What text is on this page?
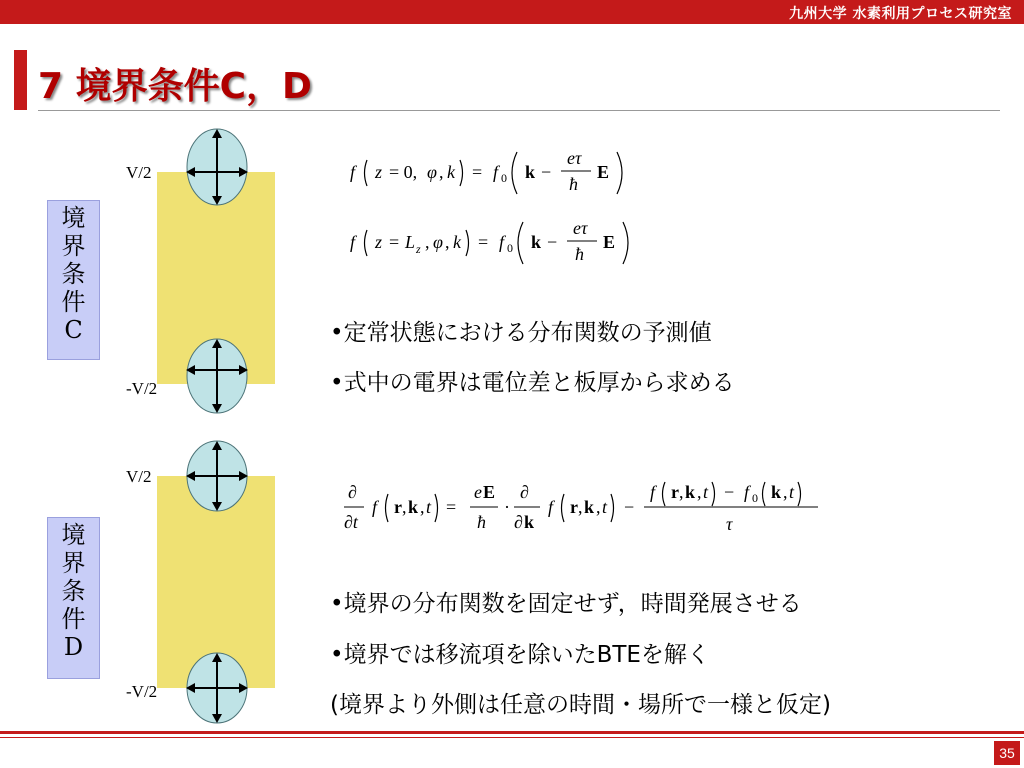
九州大学 水素利用プロセス研究室
7 境界条件C，D
境
界
条
件
C
V/2
-V/2
f z = 0, φ , k = f 0 k −
eτ
ħ
E
f z = L z , φ , k = f 0 k −
eτ
ħ
E
•定常状態における分布関数の予測値
•式中の電界は電位差と板厚から求める
境
界
条
件
D
V/2
-V/2
∂
∂t
f r , k , t =
e E
ħ
·
∂
∂ k
f r , k , t −
f r , k , t − f 0 k , t
τ
•境界の分布関数を固定せず，時間発展させる
•境界では移流項を除いたBTEを解く
(境界より外側は任意の時間・場所で一様と仮定)
35
